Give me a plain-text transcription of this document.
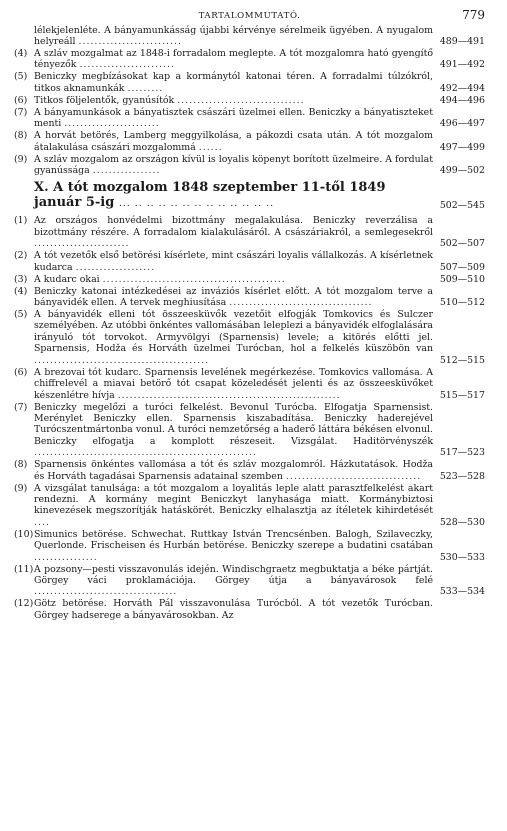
TARTALOMMUTATÓ.	779
lélekjelenléte. A bányamunkásság újabbi kérvénye sérelmeik ügyében. A nyugalom helyreáll ..........................	489—491
(4) A szláv mozgalmat az 1848-i forradalom meglepte. A tót mozgalomra ható gyengítő tényezők ........................	491—492
(5) Beniczky megbízásokat kap a kormánytól katonai téren. A forradalmi túlzókról, titkos aknamunkák .........	492—494
(6) Titkos följelentők, gyanúsítók ................................	494—496
(7) A bányamunkások a bányatisztek császári üzelmei ellen. Beniczky a bányatiszteket menti ........................	496—497
(8) A horvát betörés, Lamberg meggyilkolása, a pákozdi csata után. A tót mozgalom átalakulása császári mozgalommá ......	497—499
(9) A szláv mozgalom az országon kívül is loyalis köpenyt borított üzelmeire. A fordulat gyanússága .................	499—502
X. A tót mozgalom 1848 szeptember 11-től 1849 január 5-ig ... .. .. .. .. .. .. .. .. .. .. .. ..	502—545
(1) Az országos honvédelmi bizottmány megalakulása. Beniczky reverzálisa a bizottmány részére. A forradalom kialakulásáról. A császáriakról, a semlegesekről ........................	502—507
(2) A tót vezetők első betörési kísérlete, mint császári loyalis vállalkozás. A kísérletnek kudarca ....................	507—509
(3) A kudarc okai ..............................................	509—510
(4) Beniczky katonai intézkedései az inváziós kísérlet előtt. A tót mozgalom terve a bányavidék ellen. A tervek meghiusítása ....................................	510—512
(5) A bányavidék elleni tót összeesküvők vezetőit elfogják Tomkovics és Sulczer személyében. Az utóbbi önkéntes vallomásában leleplezi a bányavidék elfoglalására irányuló tót torvokot. Armyvölgyi (Sparnensis) levele; a kitörés előtti jel. Sparnensis, Hodža és Horváth üzelmei Turócban, hol a felkelés küszöbön van ............................................	512—515
(6) A brezovai tót kudarc. Sparnensis levelének megérkezése. Tomkovics vallomása. A chiffrelevél a miavai betörő tót csapat közeledését jelenti és az összeesküvőket készenlétre hívja ........................................................	515—517
(7) Beniczky megelőzi a turóci felkelést. Bevonul Turócba. Elfogatja Sparnensist. Merénylet Beniczky ellen. Sparnensis kiszabadítása. Beniczky haderejével Turócszentmártonba vonul. A turóci nemzetőrség a haderő láttára békésen elvonul. Beniczky elfogatja a komplott részeseit. Vizsgálat. Haditörvényszék ........................................................	517—523
(8) Sparnensis önkéntes vallomása a tót és szláv mozgalomról. Házkutatások. Hodža és Horváth tagadásai Sparnensis adatainal szemben ..................................	523—528
(9) A vizsgálat tanulsága: a tót mozgalom a loyalitás leple alatt parasztfelkelést akart rendezni. A kormány megint Beniczkyt lanyhasága miatt. Kormánybiztosi kinevezések megszorítják hatáskörét. Beniczky elhalasztja az ítéletek kihirdetését ....	528—530
(10) Simunics betörése. Schwechat. Ruttkay István Trencsénben. Balogh, Szilaveczky, Querlonde. Frischeisen és Hurbán betörése. Beniczky szerepe a budatini csatában ................	530—533
(11) A pozsony—pesti visszavonulás idején. Windischgraetz megbuktatja a béke pártját. Görgey váci proklamációja. Görgey útja a bányavárosok felé ....................................	533—534
(12) Götz betörése. Horváth Pál visszavonulása Turócból. A tót vezetők Turócban. Görgey hadserege a bányavárosokban. Az
